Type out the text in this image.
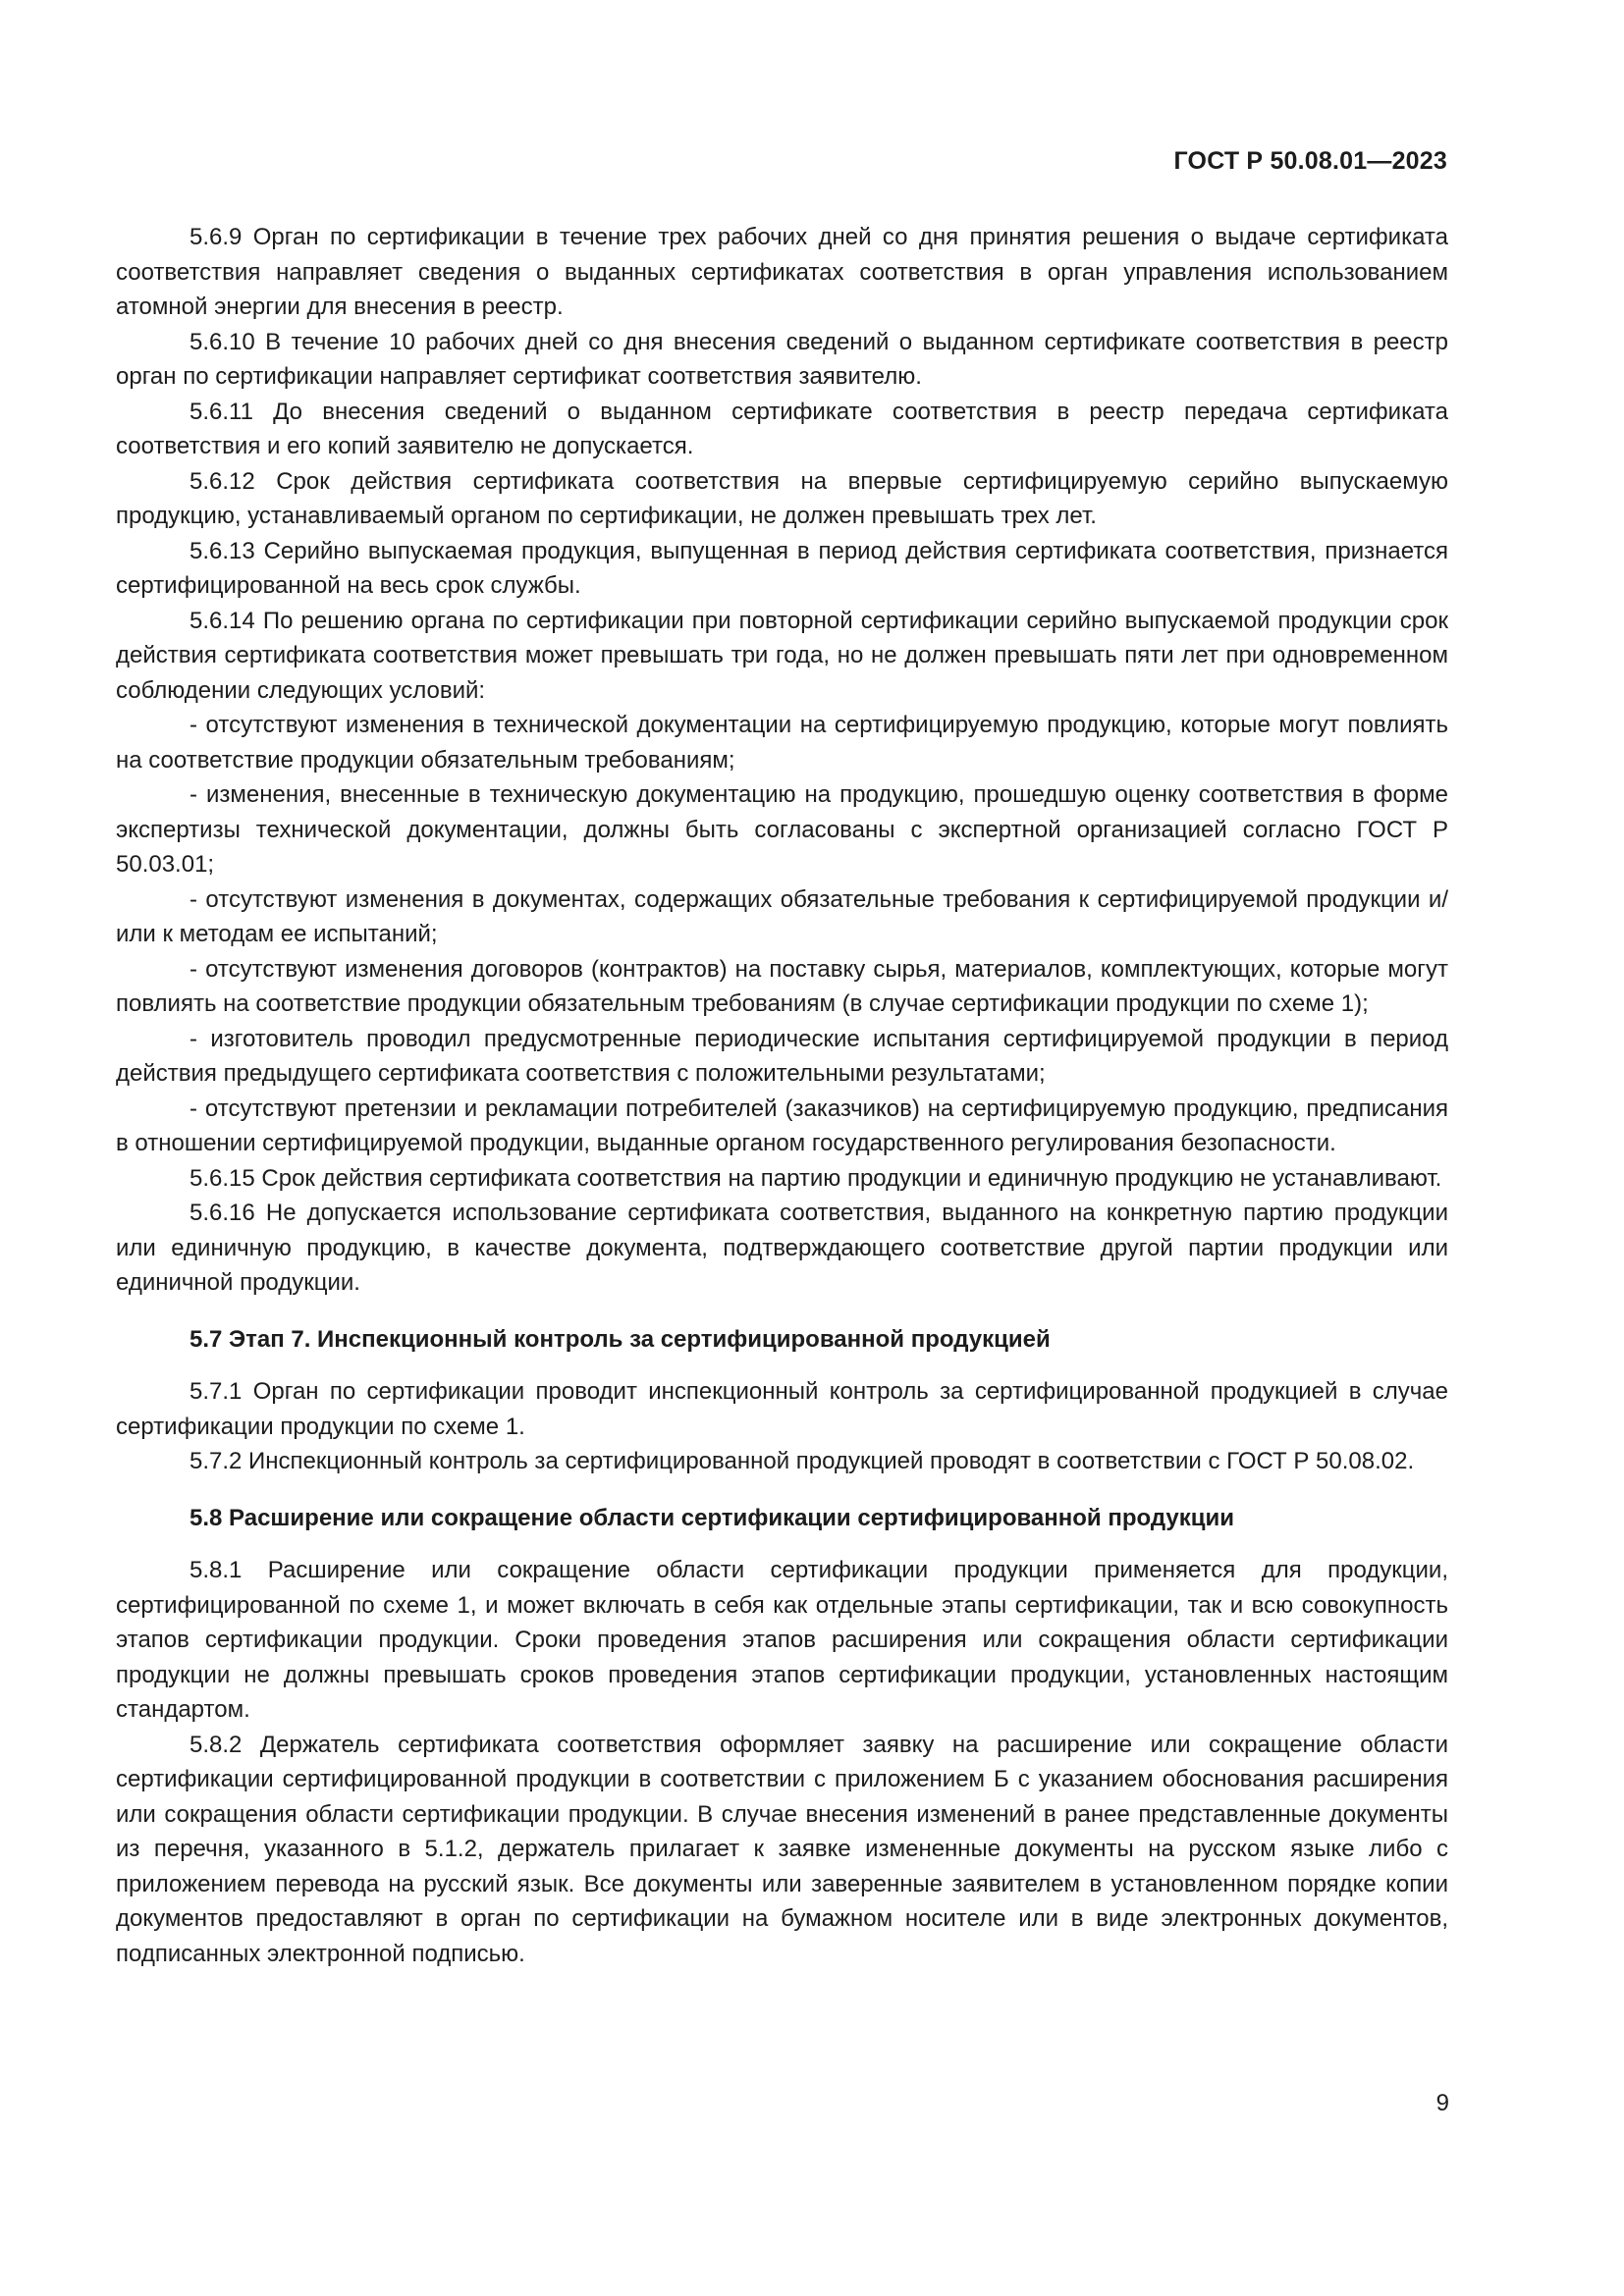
ГОСТ Р 50.08.01—2023

5.6.9 Орган по сертификации в течение трех рабочих дней со дня принятия решения о выдаче сертификата соответствия направляет сведения о выданных сертификатах соответствия в орган управления использованием атомной энергии для внесения в реестр.

5.6.10 В течение 10 рабочих дней со дня внесения сведений о выданном сертификате соответствия в реестр орган по сертификации направляет сертификат соответствия заявителю.

5.6.11 До внесения сведений о выданном сертификате соответствия в реестр передача сертификата соответствия и его копий заявителю не допускается.

5.6.12 Срок действия сертификата соответствия на впервые сертифицируемую серийно выпускаемую продукцию, устанавливаемый органом по сертификации, не должен превышать трех лет.

5.6.13 Серийно выпускаемая продукция, выпущенная в период действия сертификата соответствия, признается сертифицированной на весь срок службы.

5.6.14 По решению органа по сертификации при повторной сертификации серийно выпускаемой продукции срок действия сертификата соответствия может превышать три года, но не должен превышать пяти лет при одновременном соблюдении следующих условий:

- отсутствуют изменения в технической документации на сертифицируемую продукцию, которые могут повлиять на соответствие продукции обязательным требованиям;

- изменения, внесенные в техническую документацию на продукцию, прошедшую оценку соответствия в форме экспертизы технической документации, должны быть согласованы с экспертной организацией согласно ГОСТ Р 50.03.01;

- отсутствуют изменения в документах, содержащих обязательные требования к сертифицируемой продукции и/или к методам ее испытаний;

- отсутствуют изменения договоров (контрактов) на поставку сырья, материалов, комплектующих, которые могут повлиять на соответствие продукции обязательным требованиям (в случае сертификации продукции по схеме 1);

- изготовитель проводил предусмотренные периодические испытания сертифицируемой продукции в период действия предыдущего сертификата соответствия с положительными результатами;

- отсутствуют претензии и рекламации потребителей (заказчиков) на сертифицируемую продукцию, предписания в отношении сертифицируемой продукции, выданные органом государственного регулирования безопасности.

5.6.15 Срок действия сертификата соответствия на партию продукции и единичную продукцию не устанавливают.

5.6.16 Не допускается использование сертификата соответствия, выданного на конкретную партию продукции или единичную продукцию, в качестве документа, подтверждающего соответствие другой партии продукции или единичной продукции.

5.7 Этап 7. Инспекционный контроль за сертифицированной продукцией

5.7.1 Орган по сертификации проводит инспекционный контроль за сертифицированной продукцией в случае сертификации продукции по схеме 1.

5.7.2 Инспекционный контроль за сертифицированной продукцией проводят в соответствии с ГОСТ Р 50.08.02.

5.8 Расширение или сокращение области сертификации сертифицированной продукции

5.8.1 Расширение или сокращение области сертификации продукции применяется для продукции, сертифицированной по схеме 1, и может включать в себя как отдельные этапы сертификации, так и всю совокупность этапов сертификации продукции. Сроки проведения этапов расширения или сокращения области сертификации продукции не должны превышать сроков проведения этапов сертификации продукции, установленных настоящим стандартом.

5.8.2 Держатель сертификата соответствия оформляет заявку на расширение или сокращение области сертификации сертифицированной продукции в соответствии с приложением Б с указанием обоснования расширения или сокращения области сертификации продукции. В случае внесения изменений в ранее представленные документы из перечня, указанного в 5.1.2, держатель прилагает к заявке измененные документы на русском языке либо с приложением перевода на русский язык. Все документы или заверенные заявителем в установленном порядке копии документов предоставляют в орган по сертификации на бумажном носителе или в виде электронных документов, подписанных электронной подписью.

9
